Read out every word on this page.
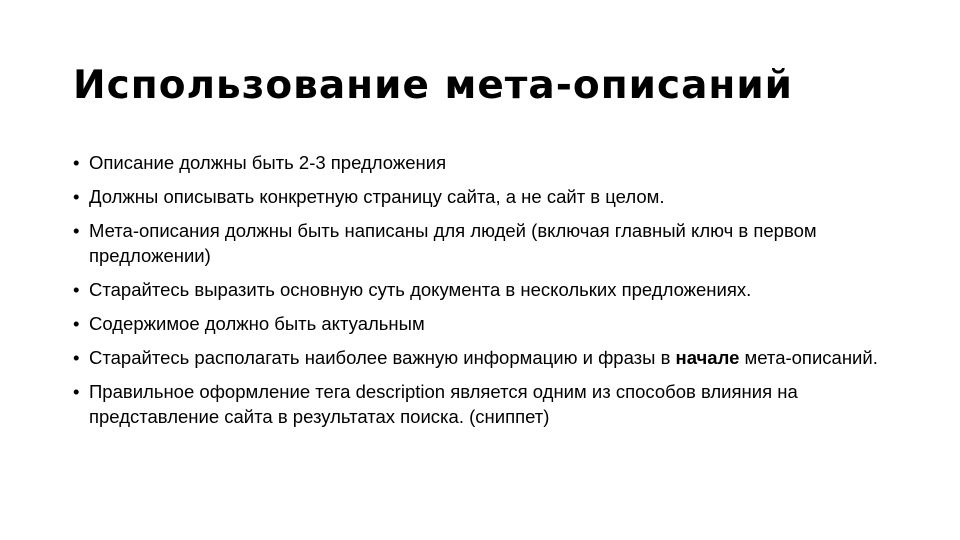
Использование мета-описаний
• Описание должны быть 2-3 предложения
• Должны описывать конкретную страницу сайта, а не сайт в целом.
• Мета-описания должны быть написаны для людей (включая главный ключ в первом предложении)
• Старайтесь выразить основную суть документа в нескольких предложениях.
• Содержимое должно быть актуальным
• Старайтесь располагать наиболее важную информацию и фразы в начале мета-описаний.
• Правильное оформление тега description является одним из способов влияния на представление сайта в результатах поиска. (сниппет)
